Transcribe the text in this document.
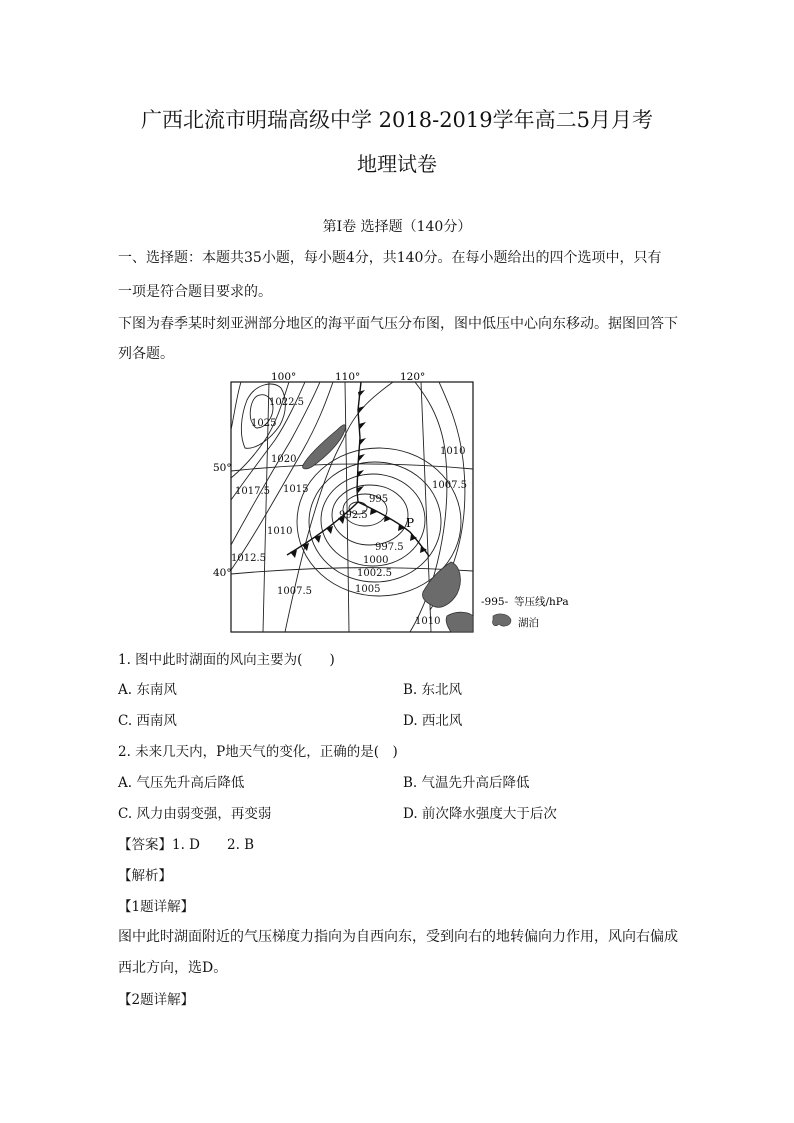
广西北流市明瑞高级中学 2018-2019学年高二5月月考
地理试卷
第Ⅰ卷 选择题（140分）
一、选择题：本题共35小题，每小题4分，共140分。在每小题给出的四个选项中，只有
一项是符合题目要求的。
下图为春季某时刻亚洲部分地区的海平面气压分布图，图中低压中心向东移动。据图回答下
列各题。
100°	110°	120°
50°
40°
1022.5
1025
1020
1017.5 1015
1010
1012.5
1007.5
1010
1007.5
995
992.5
997.5
1000
1002.5
1005
1010
P
-995- 等压线/hPa
湖泊
1. 图中此时湖面的风向主要为(　　)
A. 东南风	B. 东北风
C. 西南风	D. 西北风
2. 未来几天内，P地天气的变化，正确的是(　)
A. 气压先升高后降低	B. 气温先升高后降低
C. 风力由弱变强，再变弱	D. 前次降水强度大于后次
【答案】1. D　　2. B
【解析】
【1题详解】
图中此时湖面附近的气压梯度力指向为自西向东，受到向右的地转偏向力作用，风向右偏成
西北方向，选D。
【2题详解】
